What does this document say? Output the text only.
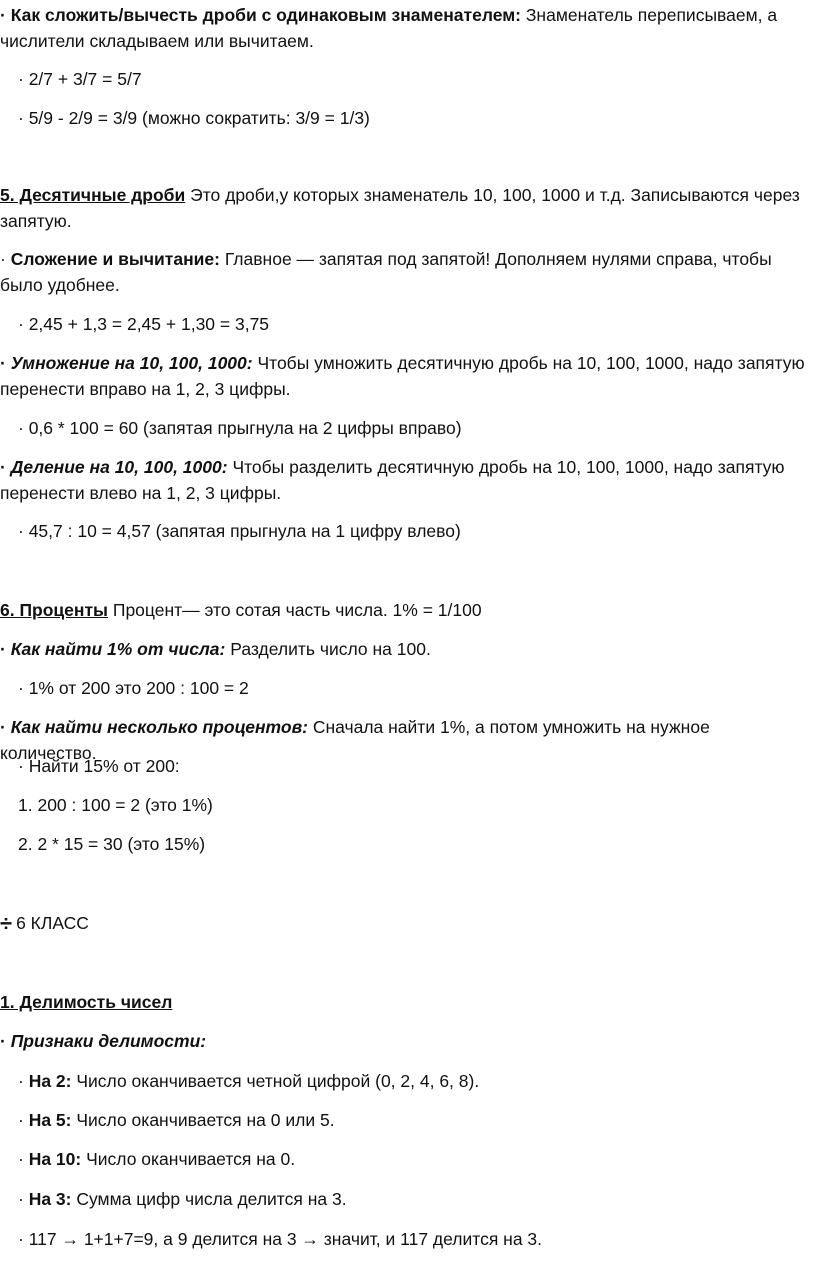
· Как сложить/вычесть дроби с одинаковым знаменателем: Знаменатель переписываем, а числители складываем или вычитаем.
· 2/7 + 3/7 = 5/7
· 5/9 - 2/9 = 3/9 (можно сократить: 3/9 = 1/3)
5. Десятичные дроби Это дроби,у которых знаменатель 10, 100, 1000 и т.д. Записываются через запятую.
· Сложение и вычитание: Главное — запятая под запятой! Дополняем нулями справа, чтобы было удобнее.
· 2,45 + 1,3 = 2,45 + 1,30 = 3,75
· Умножение на 10, 100, 1000: Чтобы умножить десятичную дробь на 10, 100, 1000, надо запятую перенести вправо на 1, 2, 3 цифры.
· 0,6 * 100 = 60 (запятая прыгнула на 2 цифры вправо)
· Деление на 10, 100, 1000: Чтобы разделить десятичную дробь на 10, 100, 1000, надо запятую перенести влево на 1, 2, 3 цифры.
· 45,7 : 10 = 4,57 (запятая прыгнула на 1 цифру влево)
6. Проценты Процент— это сотая часть числа. 1% = 1/100
· Как найти 1% от числа: Разделить число на 100.
· 1% от 200 это 200 : 100 = 2
· Как найти несколько процентов: Сначала найти 1%, а потом умножить на нужное количество.
· Найти 15% от 200:
1. 200 : 100 = 2 (это 1%)
2. 2 * 15 = 30 (это 15%)
÷ 6 КЛАСС
1. Делимость чисел
· Признаки делимости:
· На 2: Число оканчивается четной цифрой (0, 2, 4, 6, 8).
· На 5: Число оканчивается на 0 или 5.
· На 10: Число оканчивается на 0.
· На 3: Сумма цифр числа делится на 3.
· 117 → 1+1+7=9, а 9 делится на 3 → значит, и 117 делится на 3.
